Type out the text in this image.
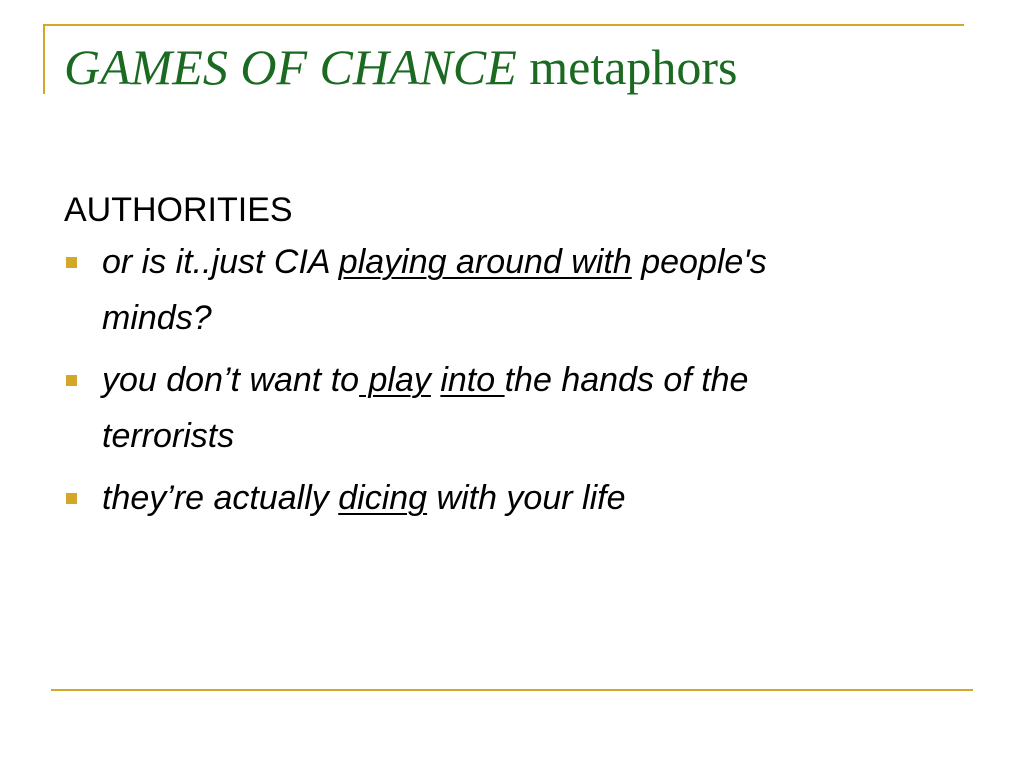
GAMES OF CHANCE metaphors
AUTHORITIES
or is it..just CIA playing around with people's
minds?
you don’t want to play into the hands of the
terrorists
they’re actually dicing with your life
